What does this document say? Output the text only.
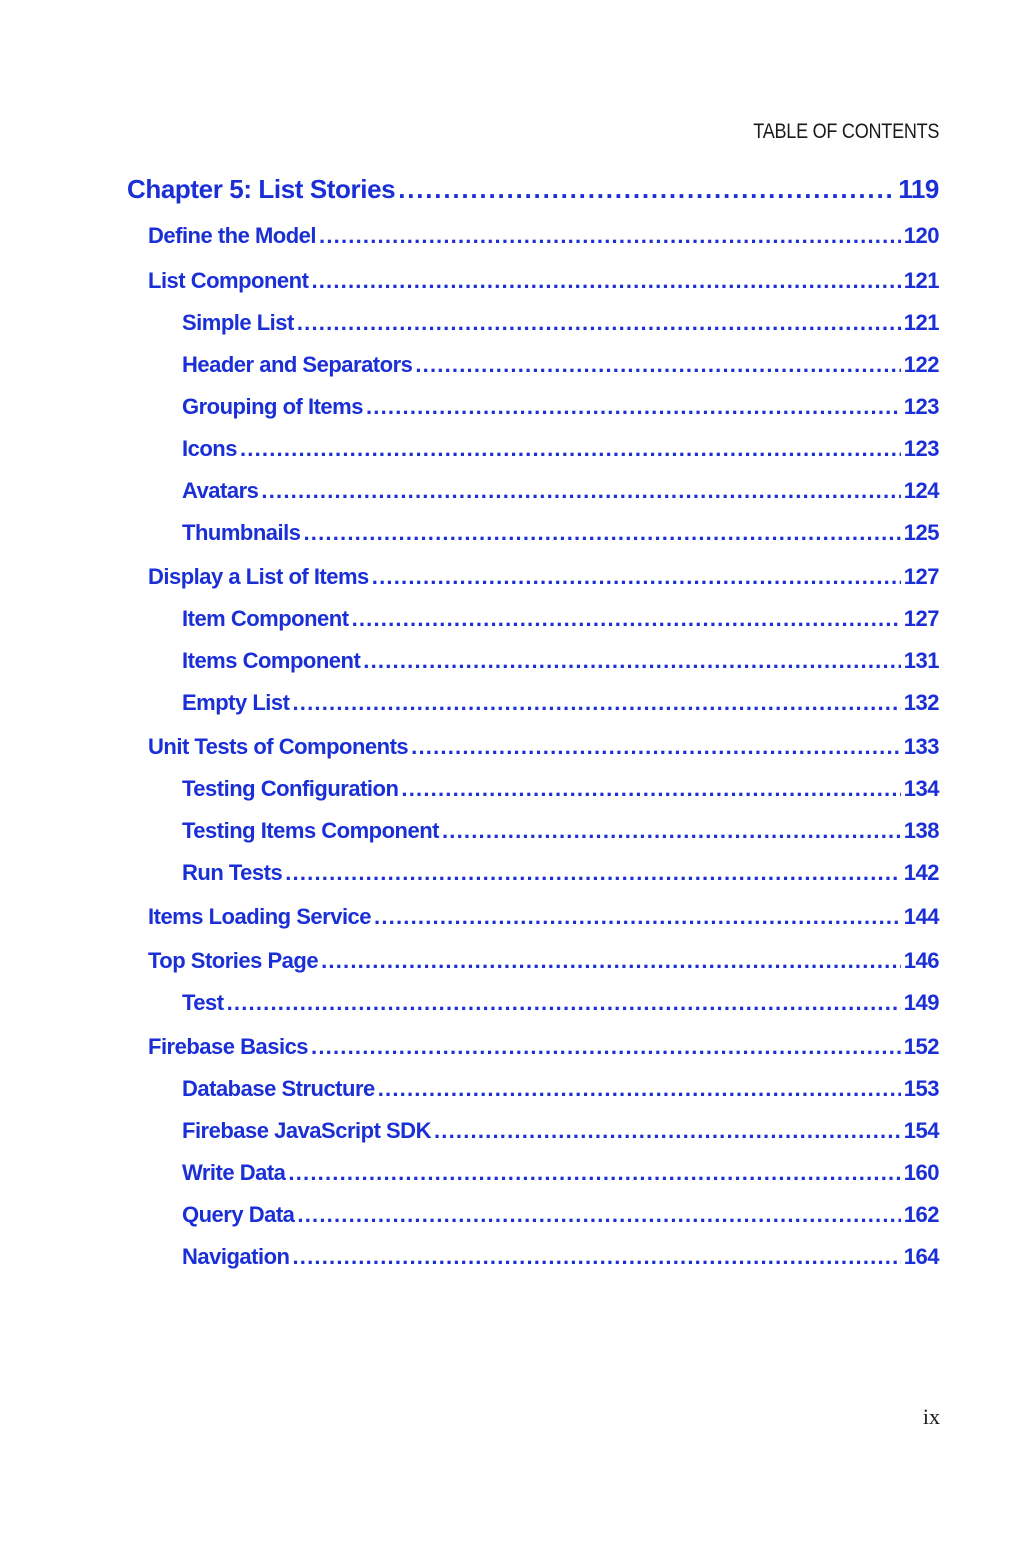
TABLE OF CONTENTS
Chapter 5: List Stories .....	119
Define the Model .....	120
List Component .....	121
Simple List .....	121
Header and Separators .....	122
Grouping of Items .....	123
Icons .....	123
Avatars .....	124
Thumbnails .....	125
Display a List of Items .....	127
Item Component .....	127
Items Component .....	131
Empty List .....	132
Unit Tests of Components .....	133
Testing Configuration .....	134
Testing Items Component .....	138
Run Tests .....	142
Items Loading Service .....	144
Top Stories Page .....	146
Test .....	149
Firebase Basics .....	152
Database Structure .....	153
Firebase JavaScript SDK .....	154
Write Data .....	160
Query Data .....	162
Navigation .....	164
ix
